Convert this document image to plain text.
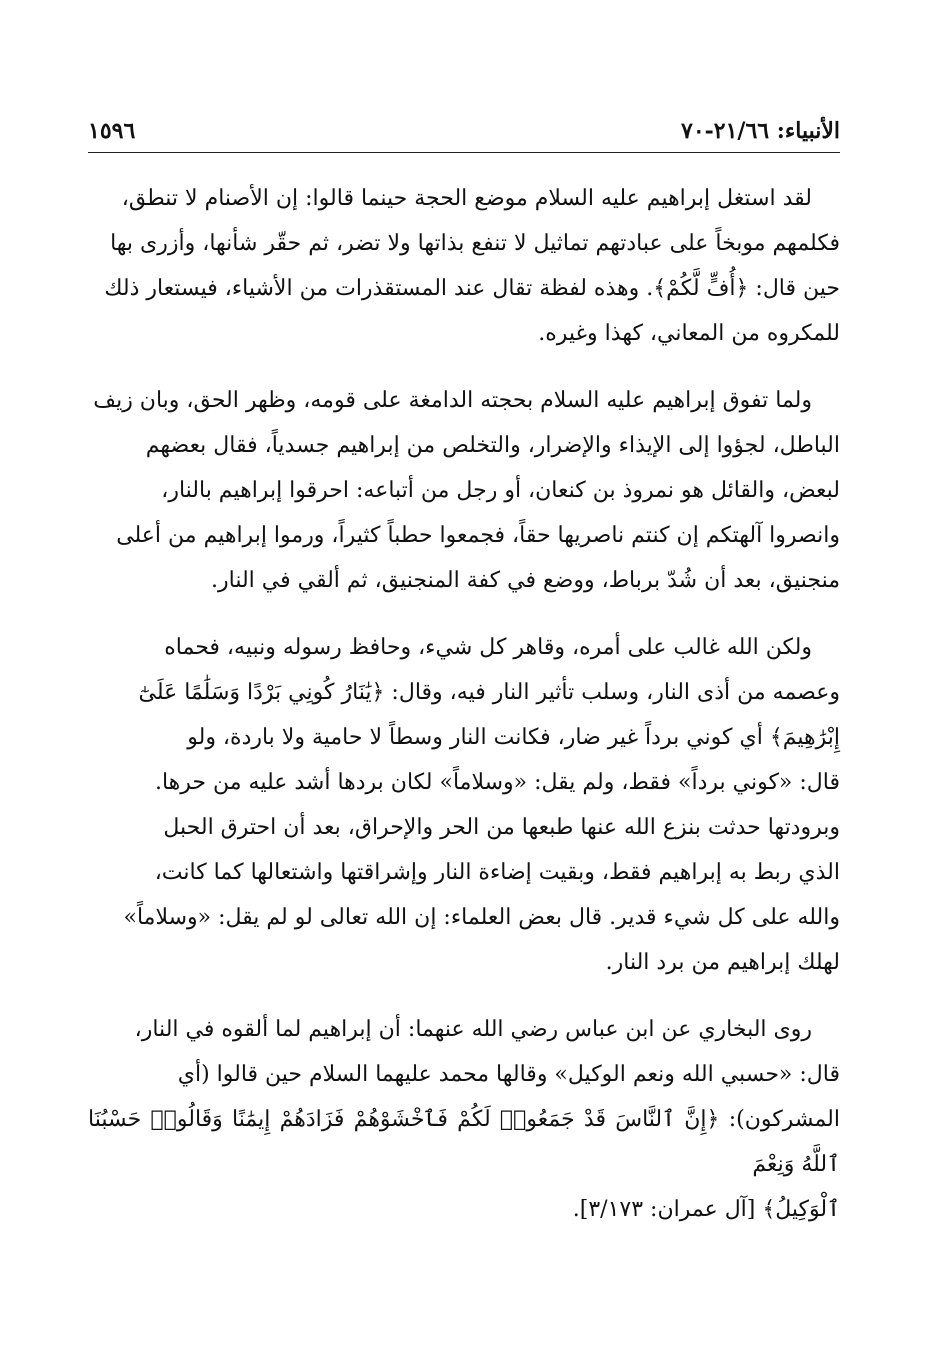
الأنبياء: ٢١/٦٦-٧٠
١٥٩٦

لقد استغل إبراهيم عليه السلام موضع الحجة حينما قالوا: إن الأصنام لا تنطق،
فكلمهم موبخاً على عبادتهم تماثيل لا تنفع بذاتها ولا تضر، ثم حقّر شأنها، وأزرى بها
حين قال: ﴿أُفٍّ لَّكُمْ﴾. وهذه لفظة تقال عند المستقذرات من الأشياء، فيستعار ذلك
للمكروه من المعاني، كهذا وغيره.

ولما تفوق إبراهيم عليه السلام بحجته الدامغة على قومه، وظهر الحق، وبان زيف
الباطل، لجؤوا إلى الإيذاء والإضرار، والتخلص من إبراهيم جسدياً، فقال بعضهم
لبعض، والقائل هو نمروذ بن كنعان، أو رجل من أتباعه: احرقوا إبراهيم بالنار،
وانصروا آلهتكم إن كنتم ناصريها حقاً، فجمعوا حطباً كثيراً، ورموا إبراهيم من أعلى
منجنيق، بعد أن شُدّ برباط، ووضع في كفة المنجنيق، ثم ألقي في النار.

ولكن الله غالب على أمره، وقاهر كل شيء، وحافظ رسوله ونبيه، فحماه
وعصمه من أذى النار، وسلب تأثير النار فيه، وقال: ﴿يَٰنَارُ كُونِي بَرْدًا وَسَلَٰمًا عَلَىٰٓ
إِبْرَٰهِيمَ﴾ أي كوني برداً غير ضار، فكانت النار وسطاً لا حامية ولا باردة، ولو
قال: «كوني برداً» فقط، ولم يقل: «وسلاماً» لكان بردها أشد عليه من حرها.
وبرودتها حدثت بنزع الله عنها طبعها من الحر والإحراق، بعد أن احترق الحبل
الذي ربط به إبراهيم فقط، وبقيت إضاءة النار وإشراقتها واشتعالها كما كانت،
والله على كل شيء قدير. قال بعض العلماء: إن الله تعالى لو لم يقل: «وسلاماً»
لهلك إبراهيم من برد النار.

روى البخاري عن ابن عباس رضي الله عنهما: أن إبراهيم لما ألقوه في النار،
قال: «حسبي الله ونعم الوكيل» وقالها محمد عليهما السلام حين قالوا (أي
المشركون): ﴿إِنَّ ٱلنَّاسَ قَدْ جَمَعُوا۟ لَكُمْ فَٱخْشَوْهُمْ فَزَادَهُمْ إِيمَٰنًا وَقَالُوا۟ حَسْبُنَا ٱللَّهُ وَنِعْمَ
ٱلْوَكِيلُ﴾ [آل عمران: ٣/١٧٣].
